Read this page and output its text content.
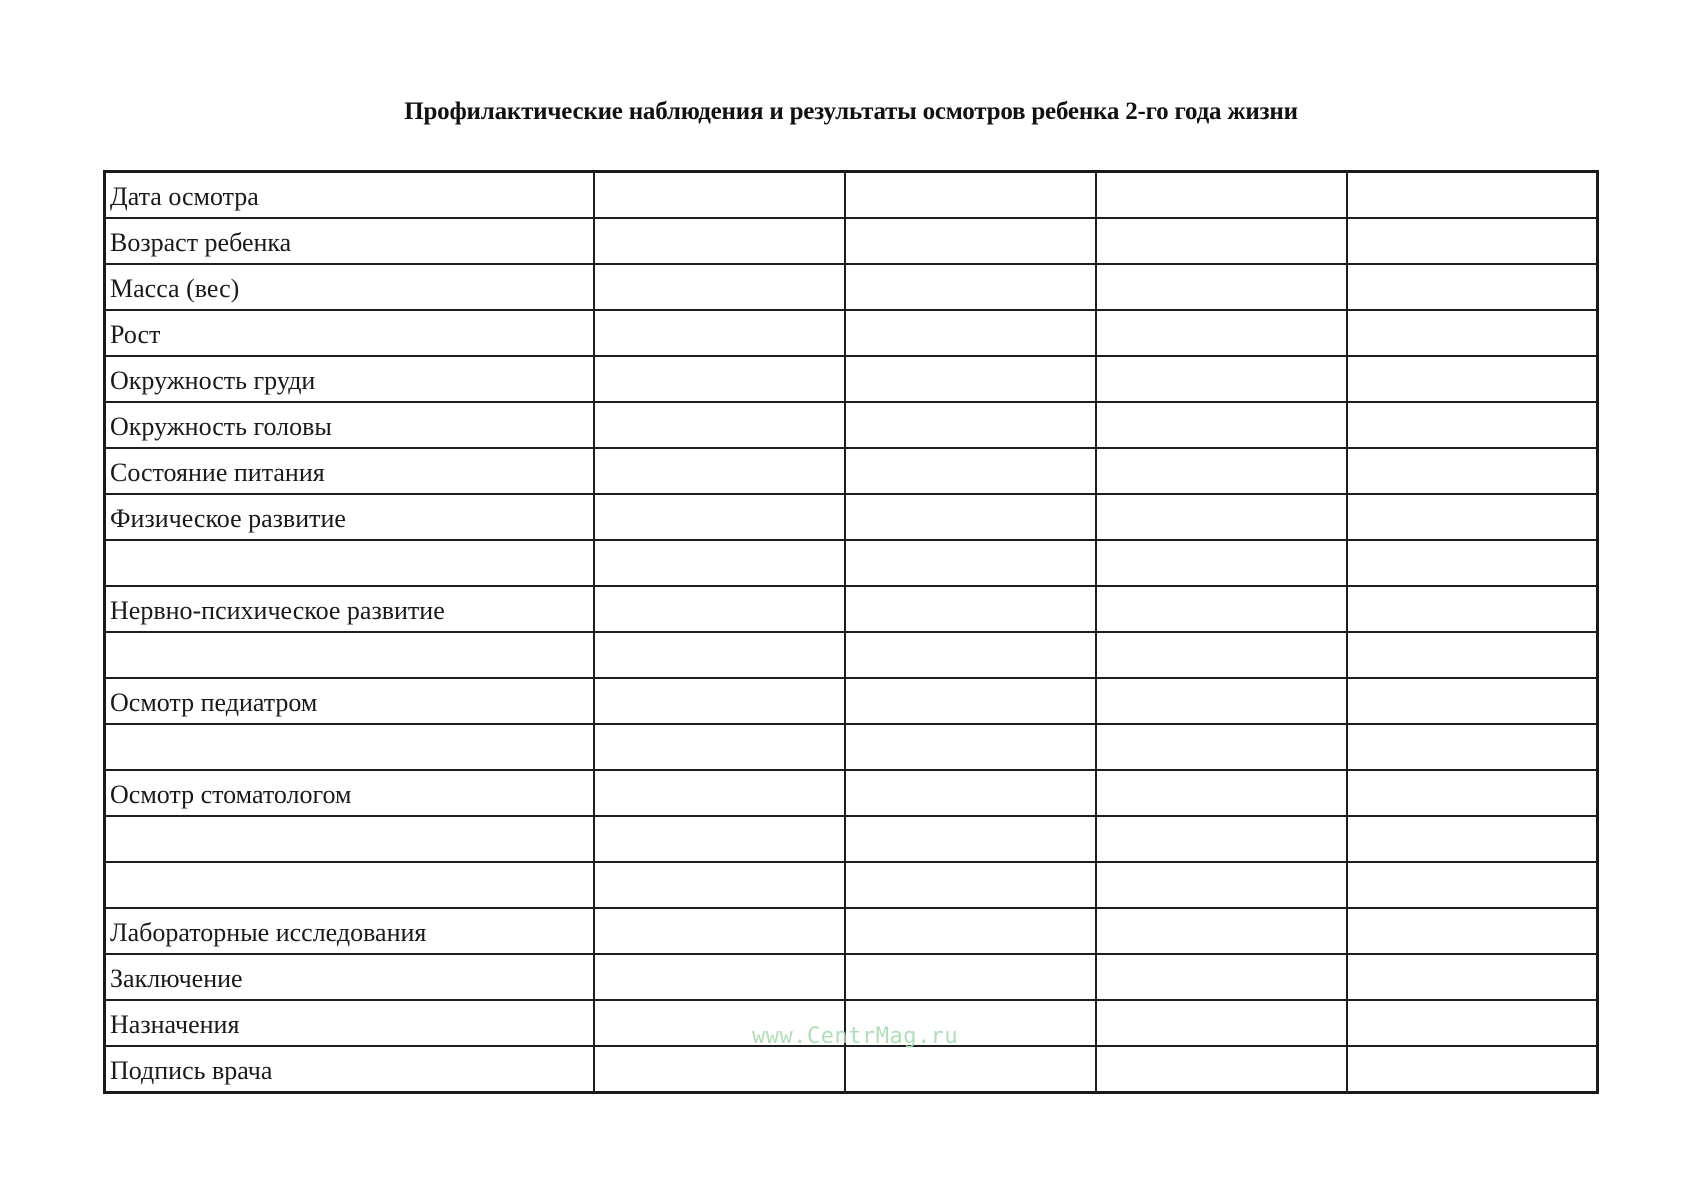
Профилактические наблюдения и результаты осмотров ребенка 2-го года жизни
Дата осмотра				
Возраст ребенка				
Масса (вес)				
Рост				
Окружность груди				
Окружность головы				
Состояние питания				
Физическое развитие				

Нервно-психическое развитие				

Осмотр педиатром				

Осмотр стоматологом				

Лабораторные исследования				
Заключение				
Назначения				
Подпись врача				
www.CentrMag.ru
